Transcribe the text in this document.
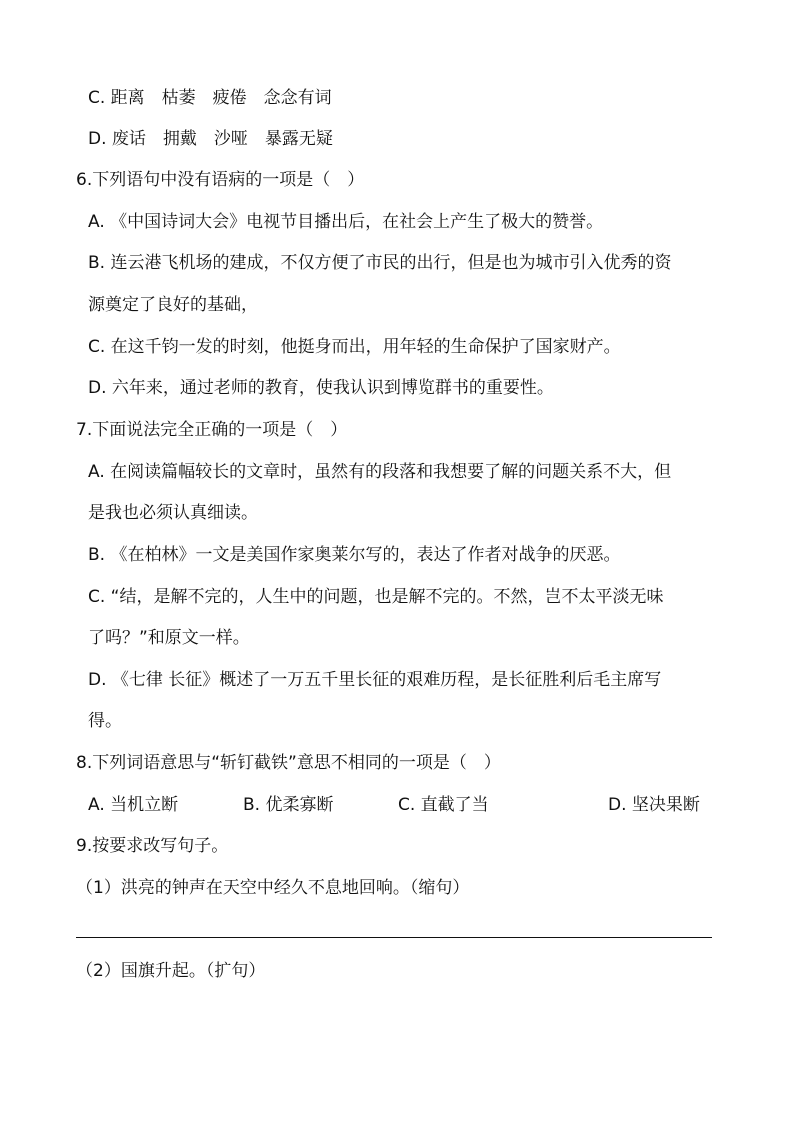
C. 距离　枯萎　疲倦　念念有词
D. 废话　拥戴　沙哑　暴露无疑
6.下列语句中没有语病的一项是（　）
A. 《中国诗词大会》电视节目播出后，在社会上产生了极大的赞誉。
B. 连云港飞机场的建成，不仅方便了市民的出行，但是也为城市引入优秀的资
源奠定了良好的基础，
C. 在这千钧一发的时刻，他挺身而出，用年轻的生命保护了国家财产。
D. 六年来，通过老师的教育，使我认识到博览群书的重要性。
7.下面说法完全正确的一项是（　）
A. 在阅读篇幅较长的文章时，虽然有的段落和我想要了解的问题关系不大，但
是我也必须认真细读。
B. 《在柏林》一文是美国作家奥莱尔写的，表达了作者对战争的厌恶。
C. “结，是解不完的，人生中的问题，也是解不完的。不然，岂不太平淡无味
了吗？”和原文一样。
D. 《七律 长征》概述了一万五千里长征的艰难历程，是长征胜利后毛主席写
得。
8.下列词语意思与“斩钉截铁”意思不相同的一项是（　）
A. 当机立断	B. 优柔寡断	C. 直截了当	D. 坚决果断
9.按要求改写句子。
（1）洪亮的钟声在天空中经久不息地回响。（缩句）
（2）国旗升起。（扩句）
